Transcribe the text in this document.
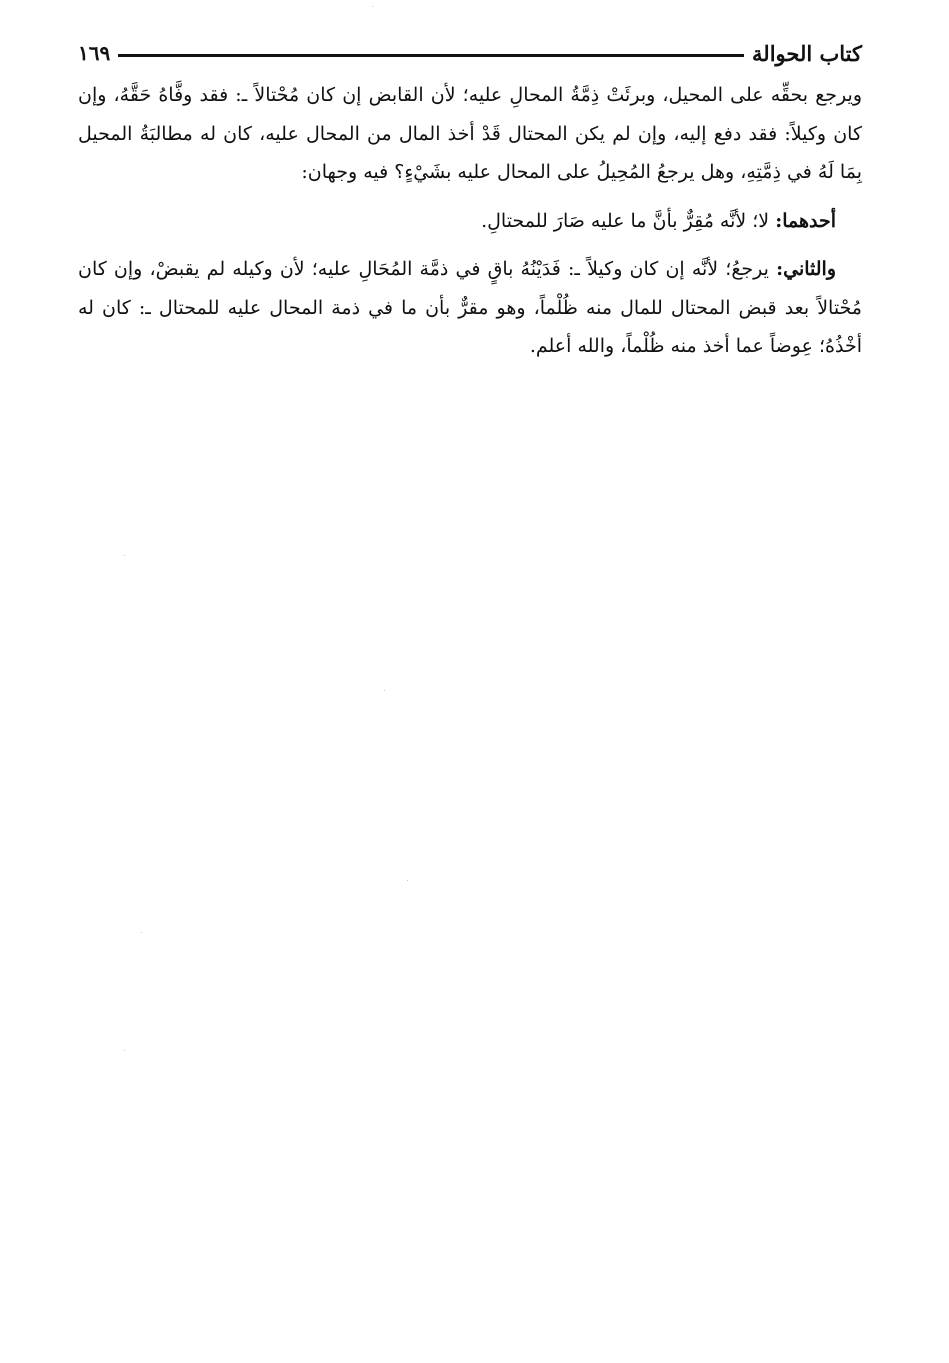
كتاب الحوالة
١٦٩

ويرجع بحقِّه على المحيل، وبرئَتْ ذِمَّةُ المحالِ عليه؛ لأن القابض إن كان مُحْتالاً ـ: فقد وفَّاهُ حَقَّهُ، وإن كان وكيلاً: فقد دفع إليه، وإن لم يكن المحتال قَدْ أخذ المال من المحال عليه، كان له مطالبَةُ المحيل بِمَا لَهُ في ذِمَّتِهِ، وهل يرجعُ المُحِيلُ على المحال عليه بشَيْءٍ؟ فيه وجهان:

أحدهما: لا؛ لأنَّه مُقِرٌّ بأنَّ ما عليه صَارَ للمحتالِ.

والثاني: يرجعُ؛ لأنَّه إن كان وكيلاً ـ: فَدَيْنُهُ باقٍ في ذمَّة المُحَالِ عليه؛ لأن وكيله لم يقبضْ، وإن كان مُحْتالاً بعد قبض المحتال للمال منه ظُلْماً، وهو مقرٌّ بأن ما في ذمة المحال عليه للمحتال ـ: كان له أخْذُهُ؛ عِوضاً عما أخذ منه ظُلْماً، والله أعلم.
